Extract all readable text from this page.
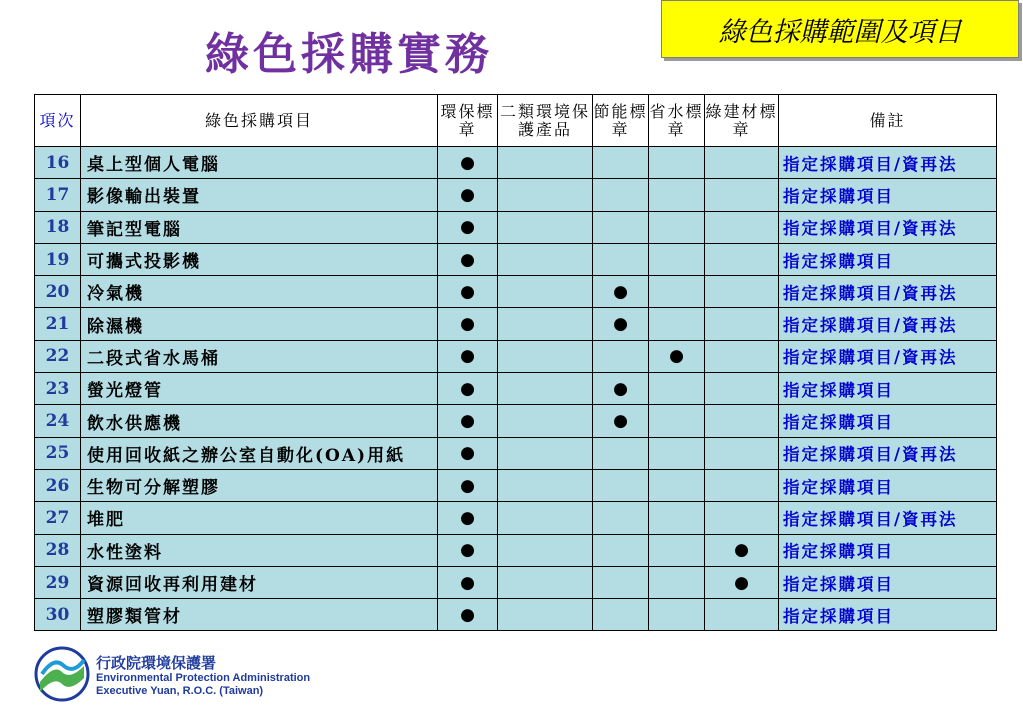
綠色採購實務	綠色採購範圍及項目
項次	綠色採購項目	環保標章	二類環境保護產品	節能標章	省水標章	綠建材標章	備註
16	桌上型個人電腦	●					指定採購項目/資再法
17	影像輸出裝置	●					指定採購項目
18	筆記型電腦	●					指定採購項目/資再法
19	可攜式投影機	●					指定採購項目
20	冷氣機	●		●			指定採購項目/資再法
21	除濕機	●		●			指定採購項目/資再法
22	二段式省水馬桶	●			●		指定採購項目/資再法
23	螢光燈管	●		●			指定採購項目
24	飲水供應機	●		●			指定採購項目
25	使用回收紙之辦公室自動化(OA)用紙	●					指定採購項目/資再法
26	生物可分解塑膠	●					指定採購項目
27	堆肥	●					指定採購項目/資再法
28	水性塗料	●				●	指定採購項目
29	資源回收再利用建材	●				●	指定採購項目
30	塑膠類管材	●					指定採購項目
行政院環境保護署
Environmental Protection Administration
Executive Yuan, R.O.C. (Taiwan)
